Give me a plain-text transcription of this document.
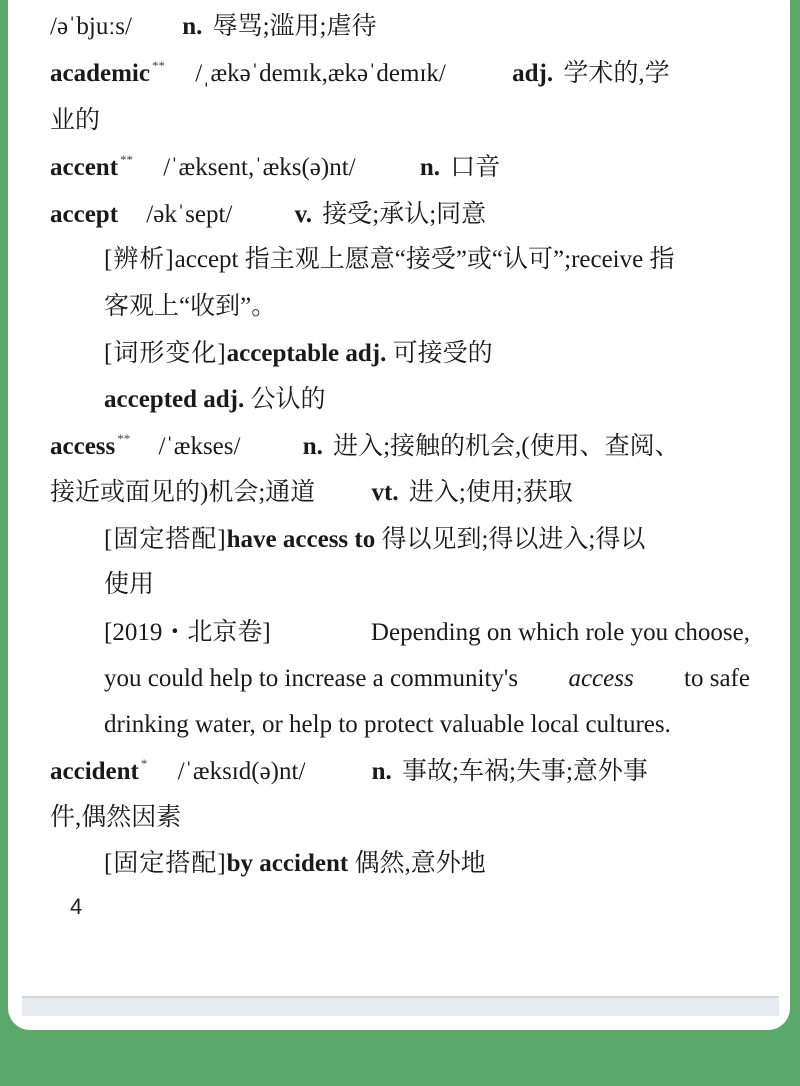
/əˈbjuːs/ n. 辱骂;滥用;虐待
academic ** /ˌækəˈdemɪk,ækəˈdemɪk/	adj. 学术的,学
业的
accent ** /ˈæksent,ˈæks(ə)nt/	n. 口音
accept /əkˈsept/ v. 接受;承认;同意
[辨析]accept 指主观上愿意“接受”或“认可”;receive 指
客观上“收到”。
[词形变化]acceptable adj. 可接受的
accepted adj. 公认的
access ** /ˈækses/ n. 进入;接触的机会,(使用、查阅、
接近或面见的)机会;通道 vt. 进入;使用;获取
[固定搭配]have access to 得以见到;得以进入;得以
使用
[2019・北京卷]	Depending on which role you choose,
you could help to increase a community's access to safe
drinking water, or help to protect valuable local cultures.
accident * /ˈæksɪd(ə)nt/	n. 事故;车祸;失事;意外事
件,偶然因素
[固定搭配]by accident 偶然,意外地
4
